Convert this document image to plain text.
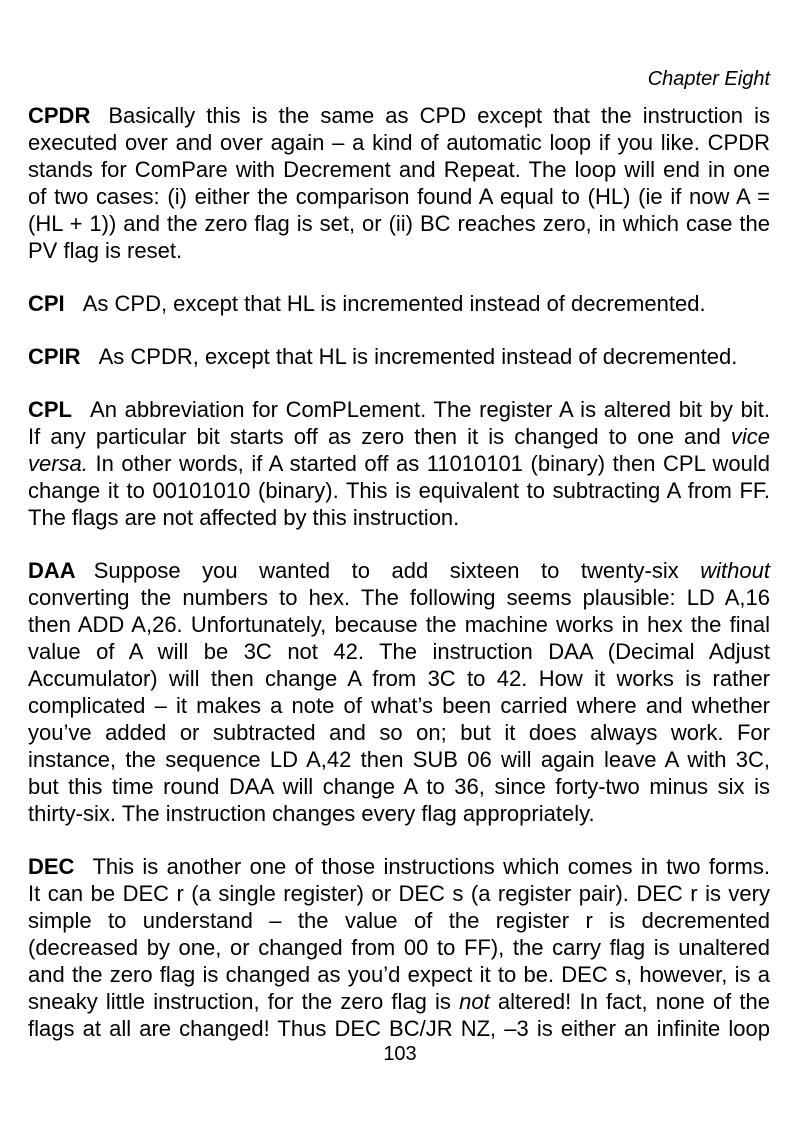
Chapter Eight
CPDR Basically this is the same as CPD except that the instruction is
executed over and over again – a kind of automatic loop if you like. CPDR
stands for ComPare with Decrement and Repeat. The loop will end in one
of two cases: (i) either the comparison found A equal to (HL) (ie if now A =
(HL + 1)) and the zero flag is set, or (ii) BC reaches zero, in which case the
PV flag is reset.
CPI As CPD, except that HL is incremented instead of decremented.
CPIR As CPDR, except that HL is incremented instead of decremented.
CPL An abbreviation for ComPLement. The register A is altered bit by bit.
If any particular bit starts off as zero then it is changed to one and vice
versa. In other words, if A started off as 11010101 (binary) then CPL would
change it to 00101010 (binary). This is equivalent to subtracting A from FF.
The flags are not affected by this instruction.
DAA Suppose you wanted to add sixteen to twenty-six without
converting the numbers to hex. The following seems plausible: LD A,16
then ADD A,26. Unfortunately, because the machine works in hex the final
value of A will be 3C not 42. The instruction DAA (Decimal Adjust
Accumulator) will then change A from 3C to 42. How it works is rather
complicated – it makes a note of what’s been carried where and whether
you’ve added or subtracted and so on; but it does always work. For
instance, the sequence LD A,42 then SUB 06 will again leave A with 3C,
but this time round DAA will change A to 36, since forty-two minus six is
thirty-six. The instruction changes every flag appropriately.
DEC This is another one of those instructions which comes in two forms.
It can be DEC r (a single register) or DEC s (a register pair). DEC r is very
simple to understand – the value of the register r is decremented
(decreased by one, or changed from 00 to FF), the carry flag is unaltered
and the zero flag is changed as you’d expect it to be. DEC s, however, is a
sneaky little instruction, for the zero flag is not altered! In fact, none of the
flags at all are changed! Thus DEC BC/JR NZ, –3 is either an infinite loop
103
